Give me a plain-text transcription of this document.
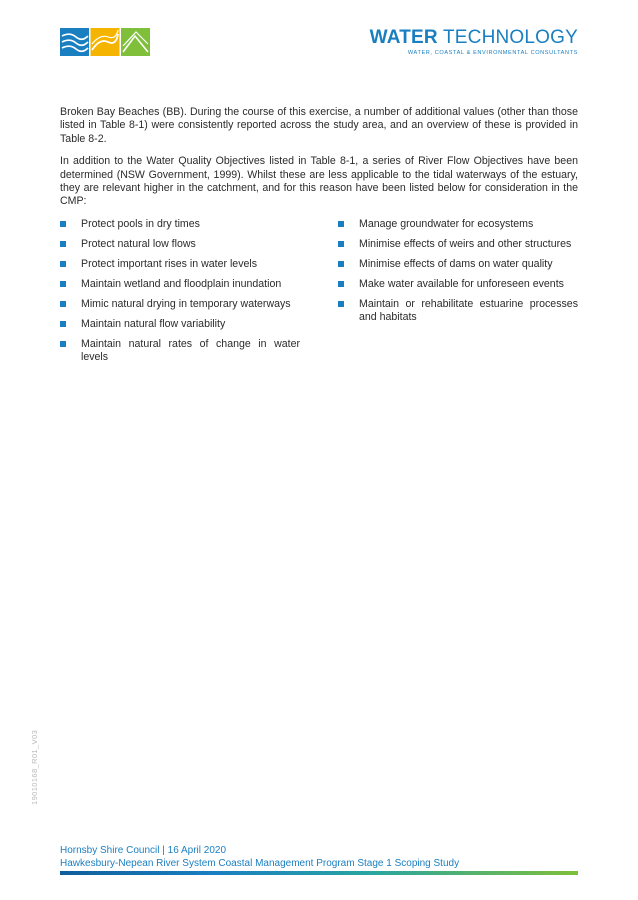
WATER TECHNOLOGY
WATER, COASTAL & ENVIRONMENTAL CONSULTANTS

Broken Bay Beaches (BB). During the course of this exercise, a number of additional values (other than those listed in Table 8-1) were consistently reported across the study area, and an overview of these is provided in Table 8-2.

In addition to the Water Quality Objectives listed in Table 8-1, a series of River Flow Objectives have been determined (NSW Government, 1999). Whilst these are less applicable to the tidal waterways of the estuary, they are relevant higher in the catchment, and for this reason have been listed below for consideration in the CMP:

Protect pools in dry times
Protect natural low flows
Protect important rises in water levels
Maintain wetland and floodplain inundation
Mimic natural drying in temporary waterways
Maintain natural flow variability
Maintain natural rates of change in water levels
Manage groundwater for ecosystems
Minimise effects of weirs and other structures
Minimise effects of dams on water quality
Make water available for unforeseen events
Maintain or rehabilitate estuarine processes and habitats
19010168_R01_V03
Hornsby Shire Council | 16 April 2020
Hawkesbury-Nepean River System Coastal Management Program Stage 1 Scoping Study
